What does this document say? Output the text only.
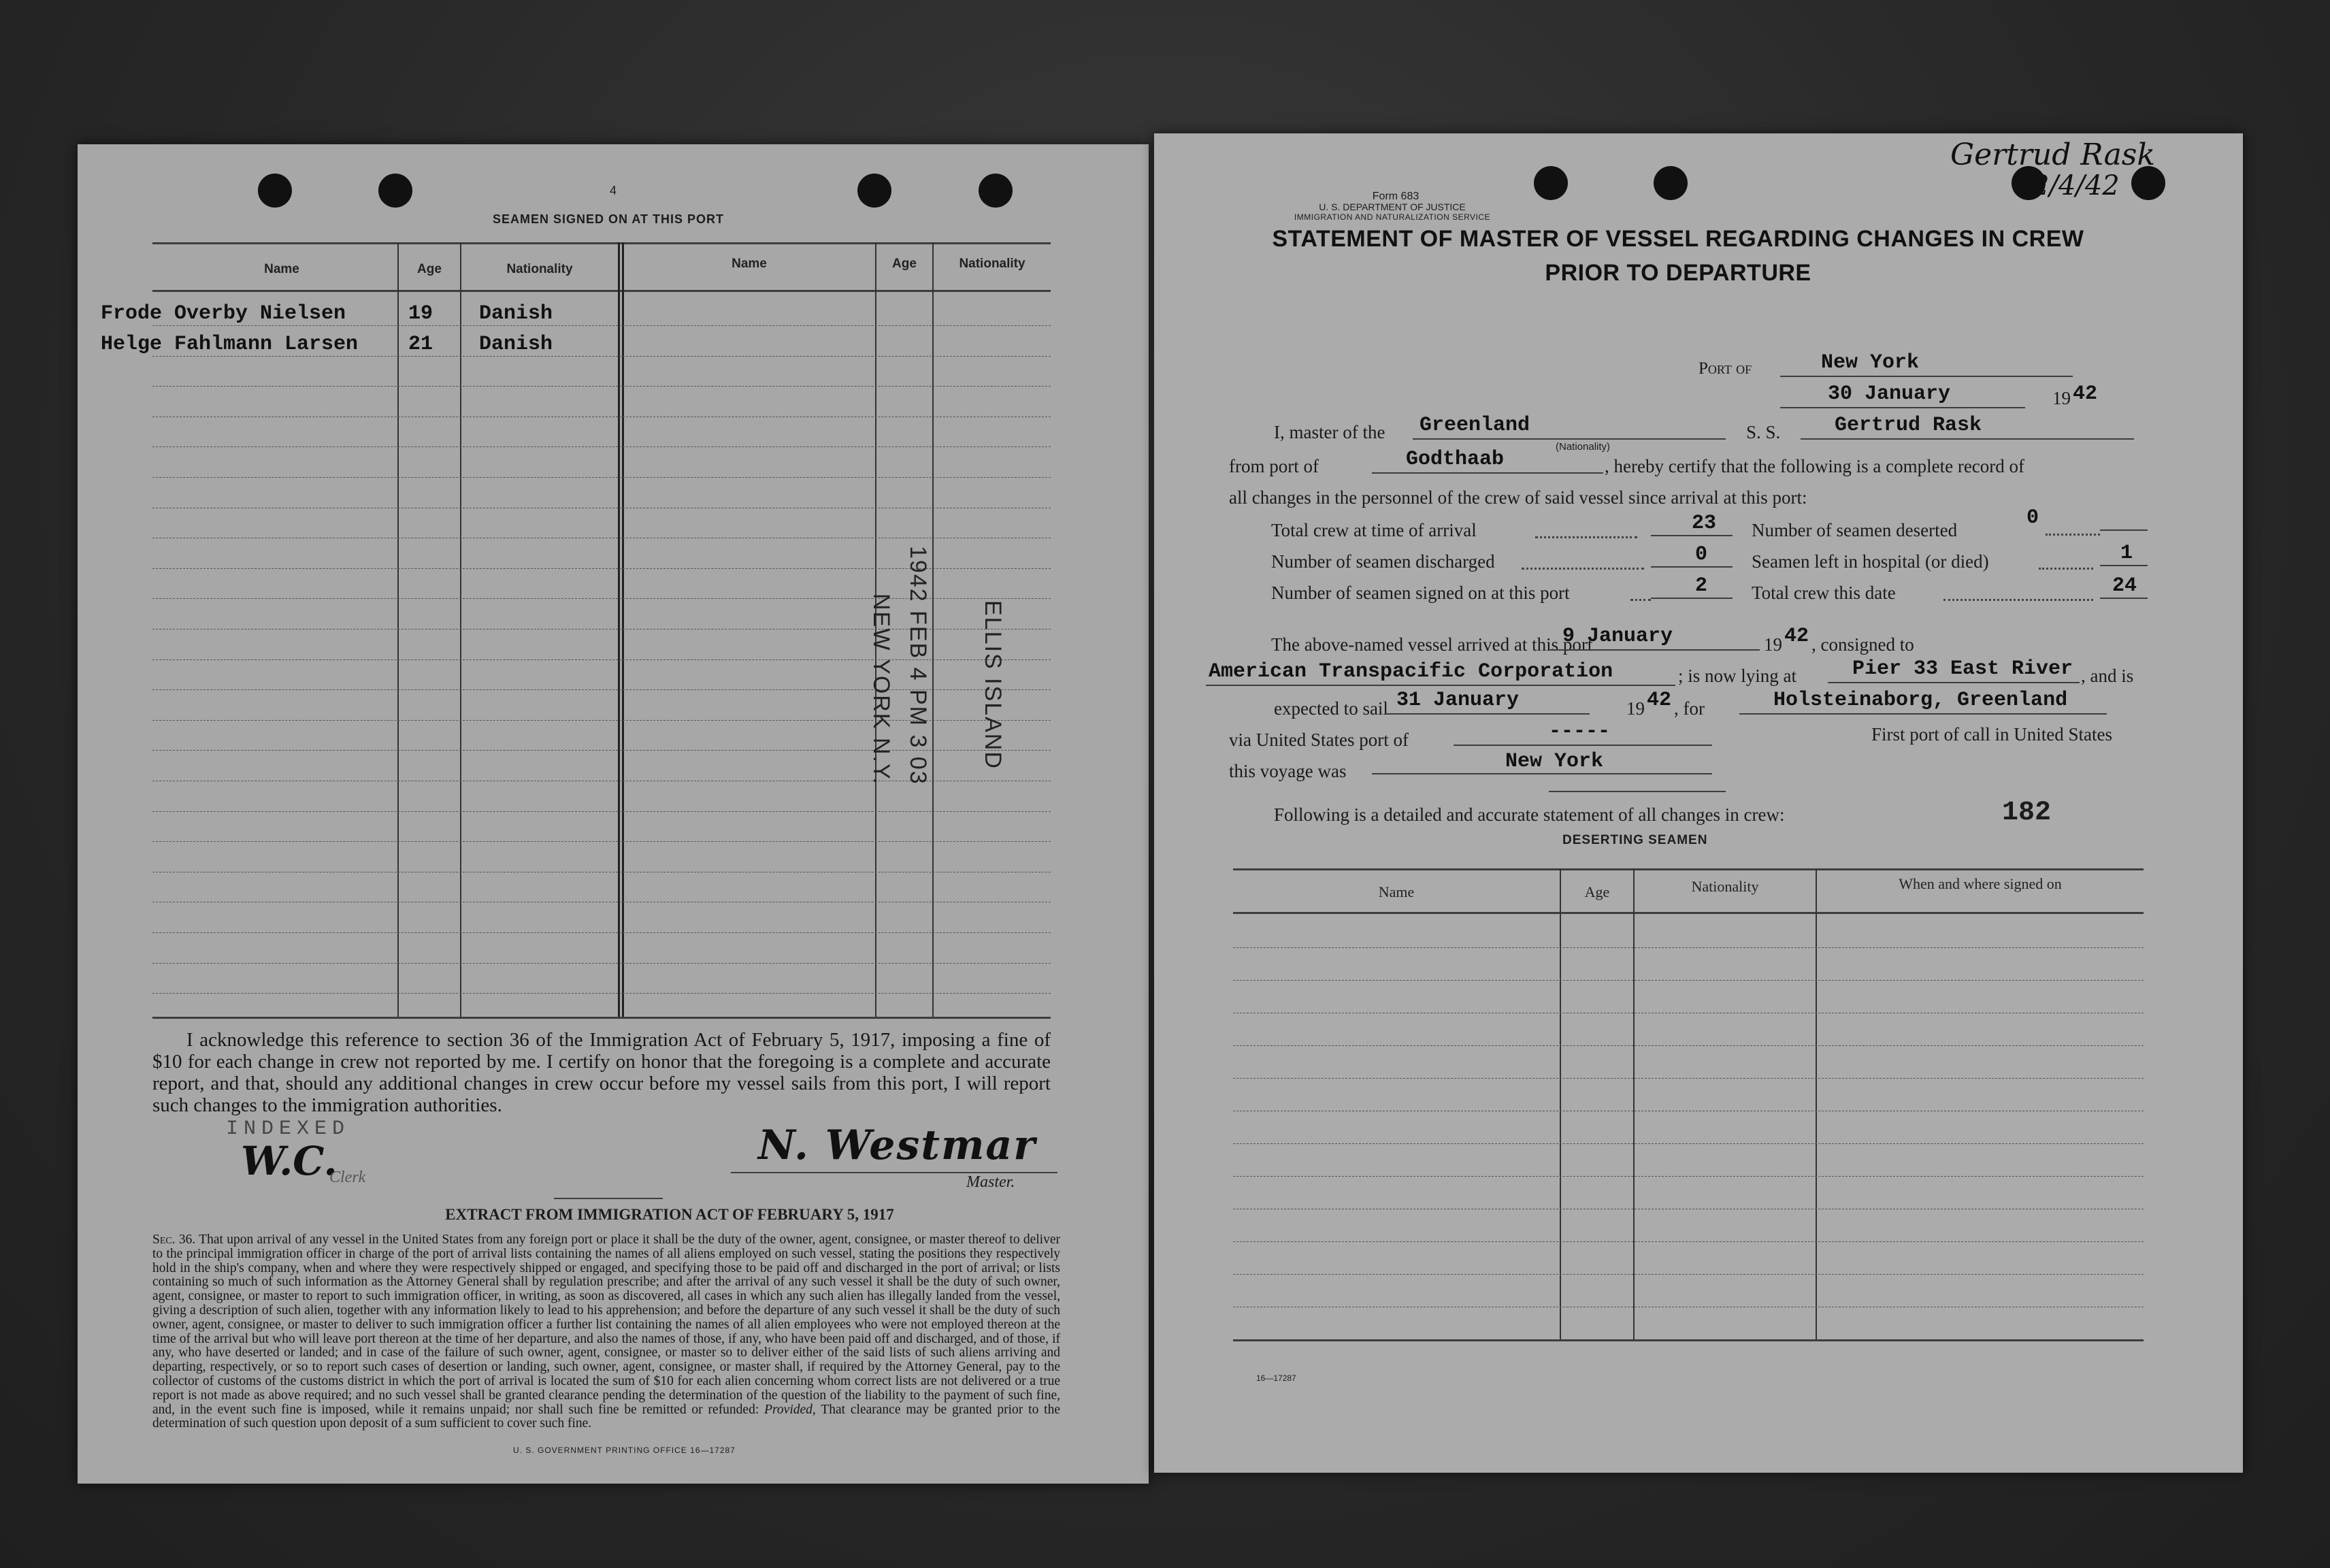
4
SEAMEN SIGNED ON AT THIS PORT
Name	Age	Nationality	Name	Age	Nationality
Frode Overby Nielsen	19 Danish
Helge Fahlmann Larsen 21 Danish
1942 FEB 4 PM 3 03 ELLIS ISLAND
NEW YORK N.Y.
I acknowledge this reference to section 36 of the Immigration Act of February 5, 1917, imposing a fine of $10 for each change in crew not reported by me. I certify on honor that the foregoing is a complete and accurate report, and that, should any additional changes in crew occur before my vessel sails from this port, I will report such changes to the immigration authorities.
INDEXED
W.C.
Clerk
N. Westmar
Master.
EXTRACT FROM IMMIGRATION ACT OF FEBRUARY 5, 1917
Sec. 36. That upon arrival of any vessel in the United States from any foreign port or place it shall be the duty of the owner, agent, consignee, or master thereof to deliver to the principal immigration officer in charge of the port of arrival lists containing the names of all aliens employed on such vessel, stating the positions they respectively hold in the ship's company, when and where they were respectively shipped or engaged, and specifying those to be paid off and discharged in the port of arrival; or lists containing so much of such information as the Attorney General shall by regulation prescribe; and after the arrival of any such vessel it shall be the duty of such owner, agent, consignee, or master to report to such immigration officer, in writing, as soon as discovered, all cases in which any such alien has illegally landed from the vessel, giving a description of such alien, together with any information likely to lead to his apprehension; and before the departure of any such vessel it shall be the duty of such owner, agent, consignee, or master to deliver to such immigration officer a further list containing the names of all alien employees who were not employed thereon at the time of the arrival but who will leave port thereon at the time of her departure, and also the names of those, if any, who have been paid off and discharged, and of those, if any, who have deserted or landed; and in case of the failure of such owner, agent, consignee, or master so to deliver either of the said lists of such aliens arriving and departing, respectively, or so to report such cases of desertion or landing, such owner, agent, consignee, or master shall, if required by the Attorney General, pay to the collector of customs of the customs district in which the port of arrival is located the sum of $10 for each alien concerning whom correct lists are not delivered or a true report is not made as above required; and no such vessel shall be granted clearance pending the determination of the question of the liability to the payment of such fine, and, in the event such fine is imposed, while it remains unpaid; nor shall such fine be remitted or refunded: Provided, That clearance may be granted prior to the determination of such question upon deposit of a sum sufficient to cover such fine.
U. S. GOVERNMENT PRINTING OFFICE 16—17287
Form 683
U. S. DEPARTMENT OF JUSTICE
IMMIGRATION AND NATURALIZATION SERVICE
Gertrud Rask
2/4/42
STATEMENT OF MASTER OF VESSEL REGARDING CHANGES IN CREW
PRIOR TO DEPARTURE

Port of	New York
30 January	19 42
I, master of the Greenland
(Nationality)
S. S.	Gertrud Rask
from port of	Godthaab	, hereby certify that the following is a complete record of
all changes in the personnel of the crew of said vessel since arrival at this port:
Total crew at time of arrival	23
Number of seamen discharged	0
Number of seamen signed on at this port	2
Number of seamen deserted
0
Seamen left in hospital (or died)	1
Total crew this date	24
The above-named vessel arrived at this port
9 January	19 42 , consigned to
American Transpacific Corporation	; is now lying at	Pier 33 East River , and is
expected to sail 31 January	19 42 , for	Holsteinaborg, Greenland
via United States port of	-----	First port of call in United States
this voyage was	New York
Following is a detailed and accurate statement of all changes in crew:	182
DESERTING SEAMEN
Name	Age	Nationality	When and where signed on
16—17287
